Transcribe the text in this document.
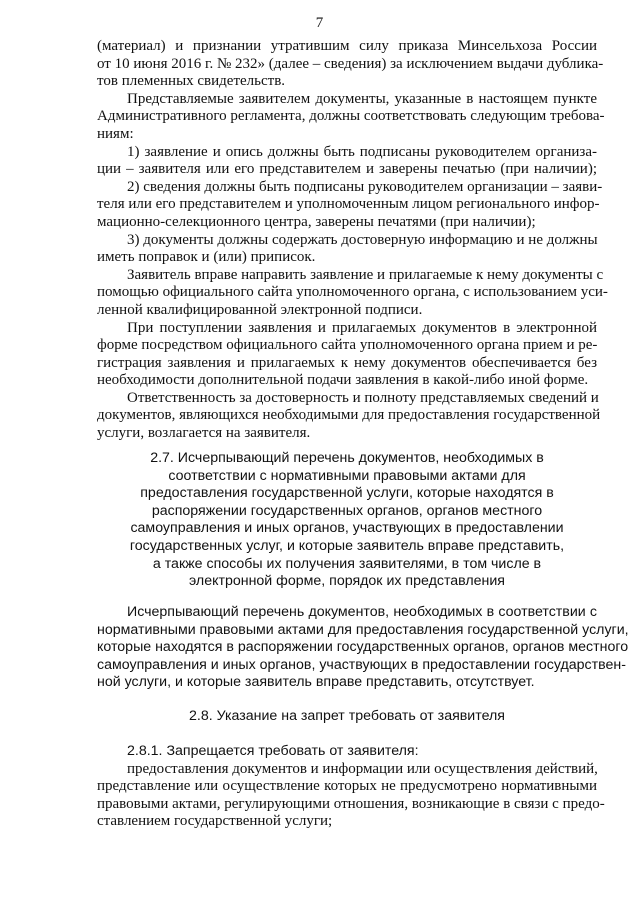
7
(материал) и признании утратившим силу приказа Минсельхоза России
от 10 июня 2016 г. № 232» (далее – сведения) за исключением выдачи дублика-
тов племенных свидетельств.
Представляемые заявителем документы, указанные в настоящем пункте
Административного регламента, должны соответствовать следующим требова-
ниям:
1) заявление и опись должны быть подписаны руководителем организа-
ции – заявителя или его представителем и заверены печатью (при наличии);
2) сведения должны быть подписаны руководителем организации – заяви-
теля или его представителем и уполномоченным лицом регионального инфор-
мационно-селекционного центра, заверены печатями (при наличии);
3) документы должны содержать достоверную информацию и не должны
иметь поправок и (или) приписок.
Заявитель вправе направить заявление и прилагаемые к нему документы с
помощью официального сайта уполномоченного органа, с использованием уси-
ленной квалифицированной электронной подписи.
При поступлении заявления и прилагаемых документов в электронной
форме посредством официального сайта уполномоченного органа прием и ре-
гистрация заявления и прилагаемых к нему документов обеспечивается без
необходимости дополнительной подачи заявления в какой-либо иной форме.
Ответственность за достоверность и полноту представляемых сведений и
документов, являющихся необходимыми для предоставления государственной
услуги, возлагается на заявителя.
2.7. Исчерпывающий перечень документов, необходимых в
соответствии с нормативными правовыми актами для
предоставления государственной услуги, которые находятся в
распоряжении государственных органов, органов местного
самоуправления и иных органов, участвующих в предоставлении
государственных услуг, и которые заявитель вправе представить,
а также способы их получения заявителями, в том числе в
электронной форме, порядок их представления
Исчерпывающий перечень документов, необходимых в соответствии с
нормативными правовыми актами для предоставления государственной услуги,
которые находятся в распоряжении государственных органов, органов местного
самоуправления и иных органов, участвующих в предоставлении государствен-
ной услуги, и которые заявитель вправе представить, отсутствует.
2.8. Указание на запрет требовать от заявителя
2.8.1. Запрещается требовать от заявителя:
предоставления документов и информации или осуществления действий,
представление или осуществление которых не предусмотрено нормативными
правовыми актами, регулирующими отношения, возникающие в связи с предо-
ставлением государственной услуги;
